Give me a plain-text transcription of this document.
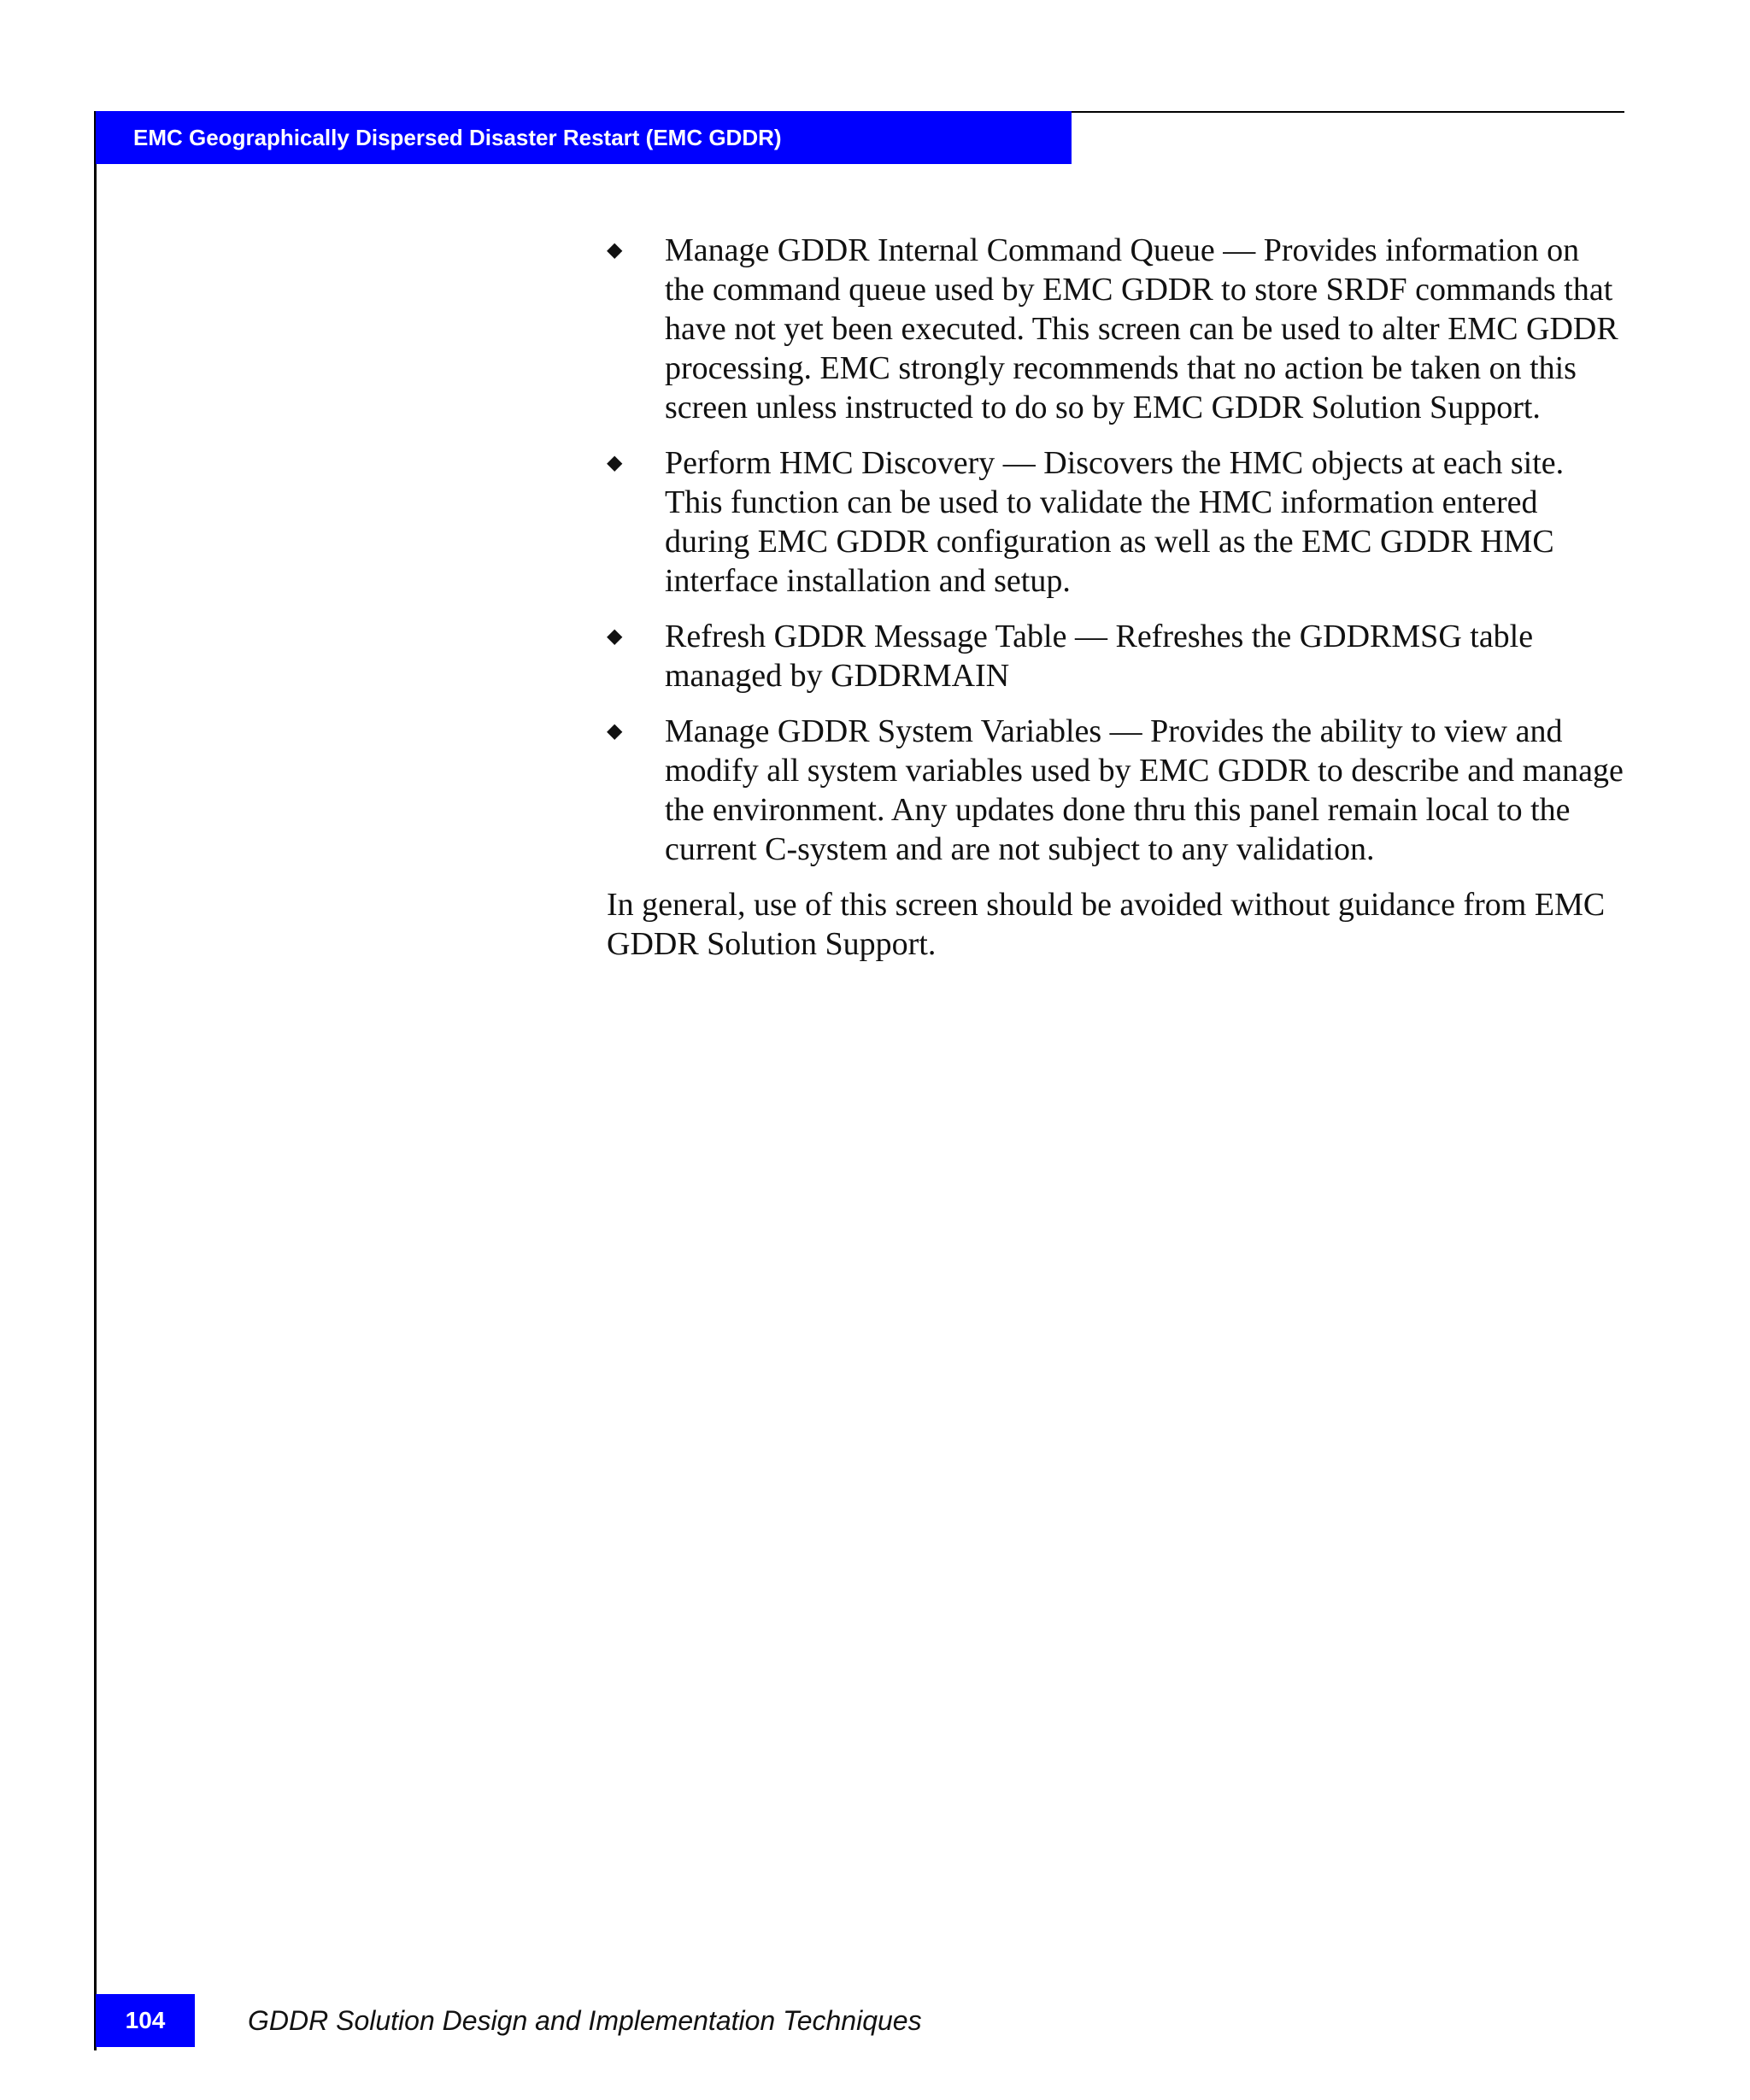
EMC Geographically Dispersed Disaster Restart (EMC GDDR)
◆ Manage GDDR Internal Command Queue — Provides information on the command queue used by EMC GDDR to store SRDF commands that have not yet been executed. This screen can be used to alter EMC GDDR processing. EMC strongly recommends that no action be taken on this screen unless instructed to do so by EMC GDDR Solution Support.
◆ Perform HMC Discovery — Discovers the HMC objects at each site. This function can be used to validate the HMC information entered during EMC GDDR configuration as well as the EMC GDDR HMC interface installation and setup.
◆ Refresh GDDR Message Table — Refreshes the GDDRMSG table managed by GDDRMAIN
◆ Manage GDDR System Variables — Provides the ability to view and modify all system variables used by EMC GDDR to describe and manage the environment. Any updates done thru this panel remain local to the current C-system and are not subject to any validation.

In general, use of this screen should be avoided without guidance from EMC GDDR Solution Support.

104	GDDR Solution Design and Implementation Techniques
